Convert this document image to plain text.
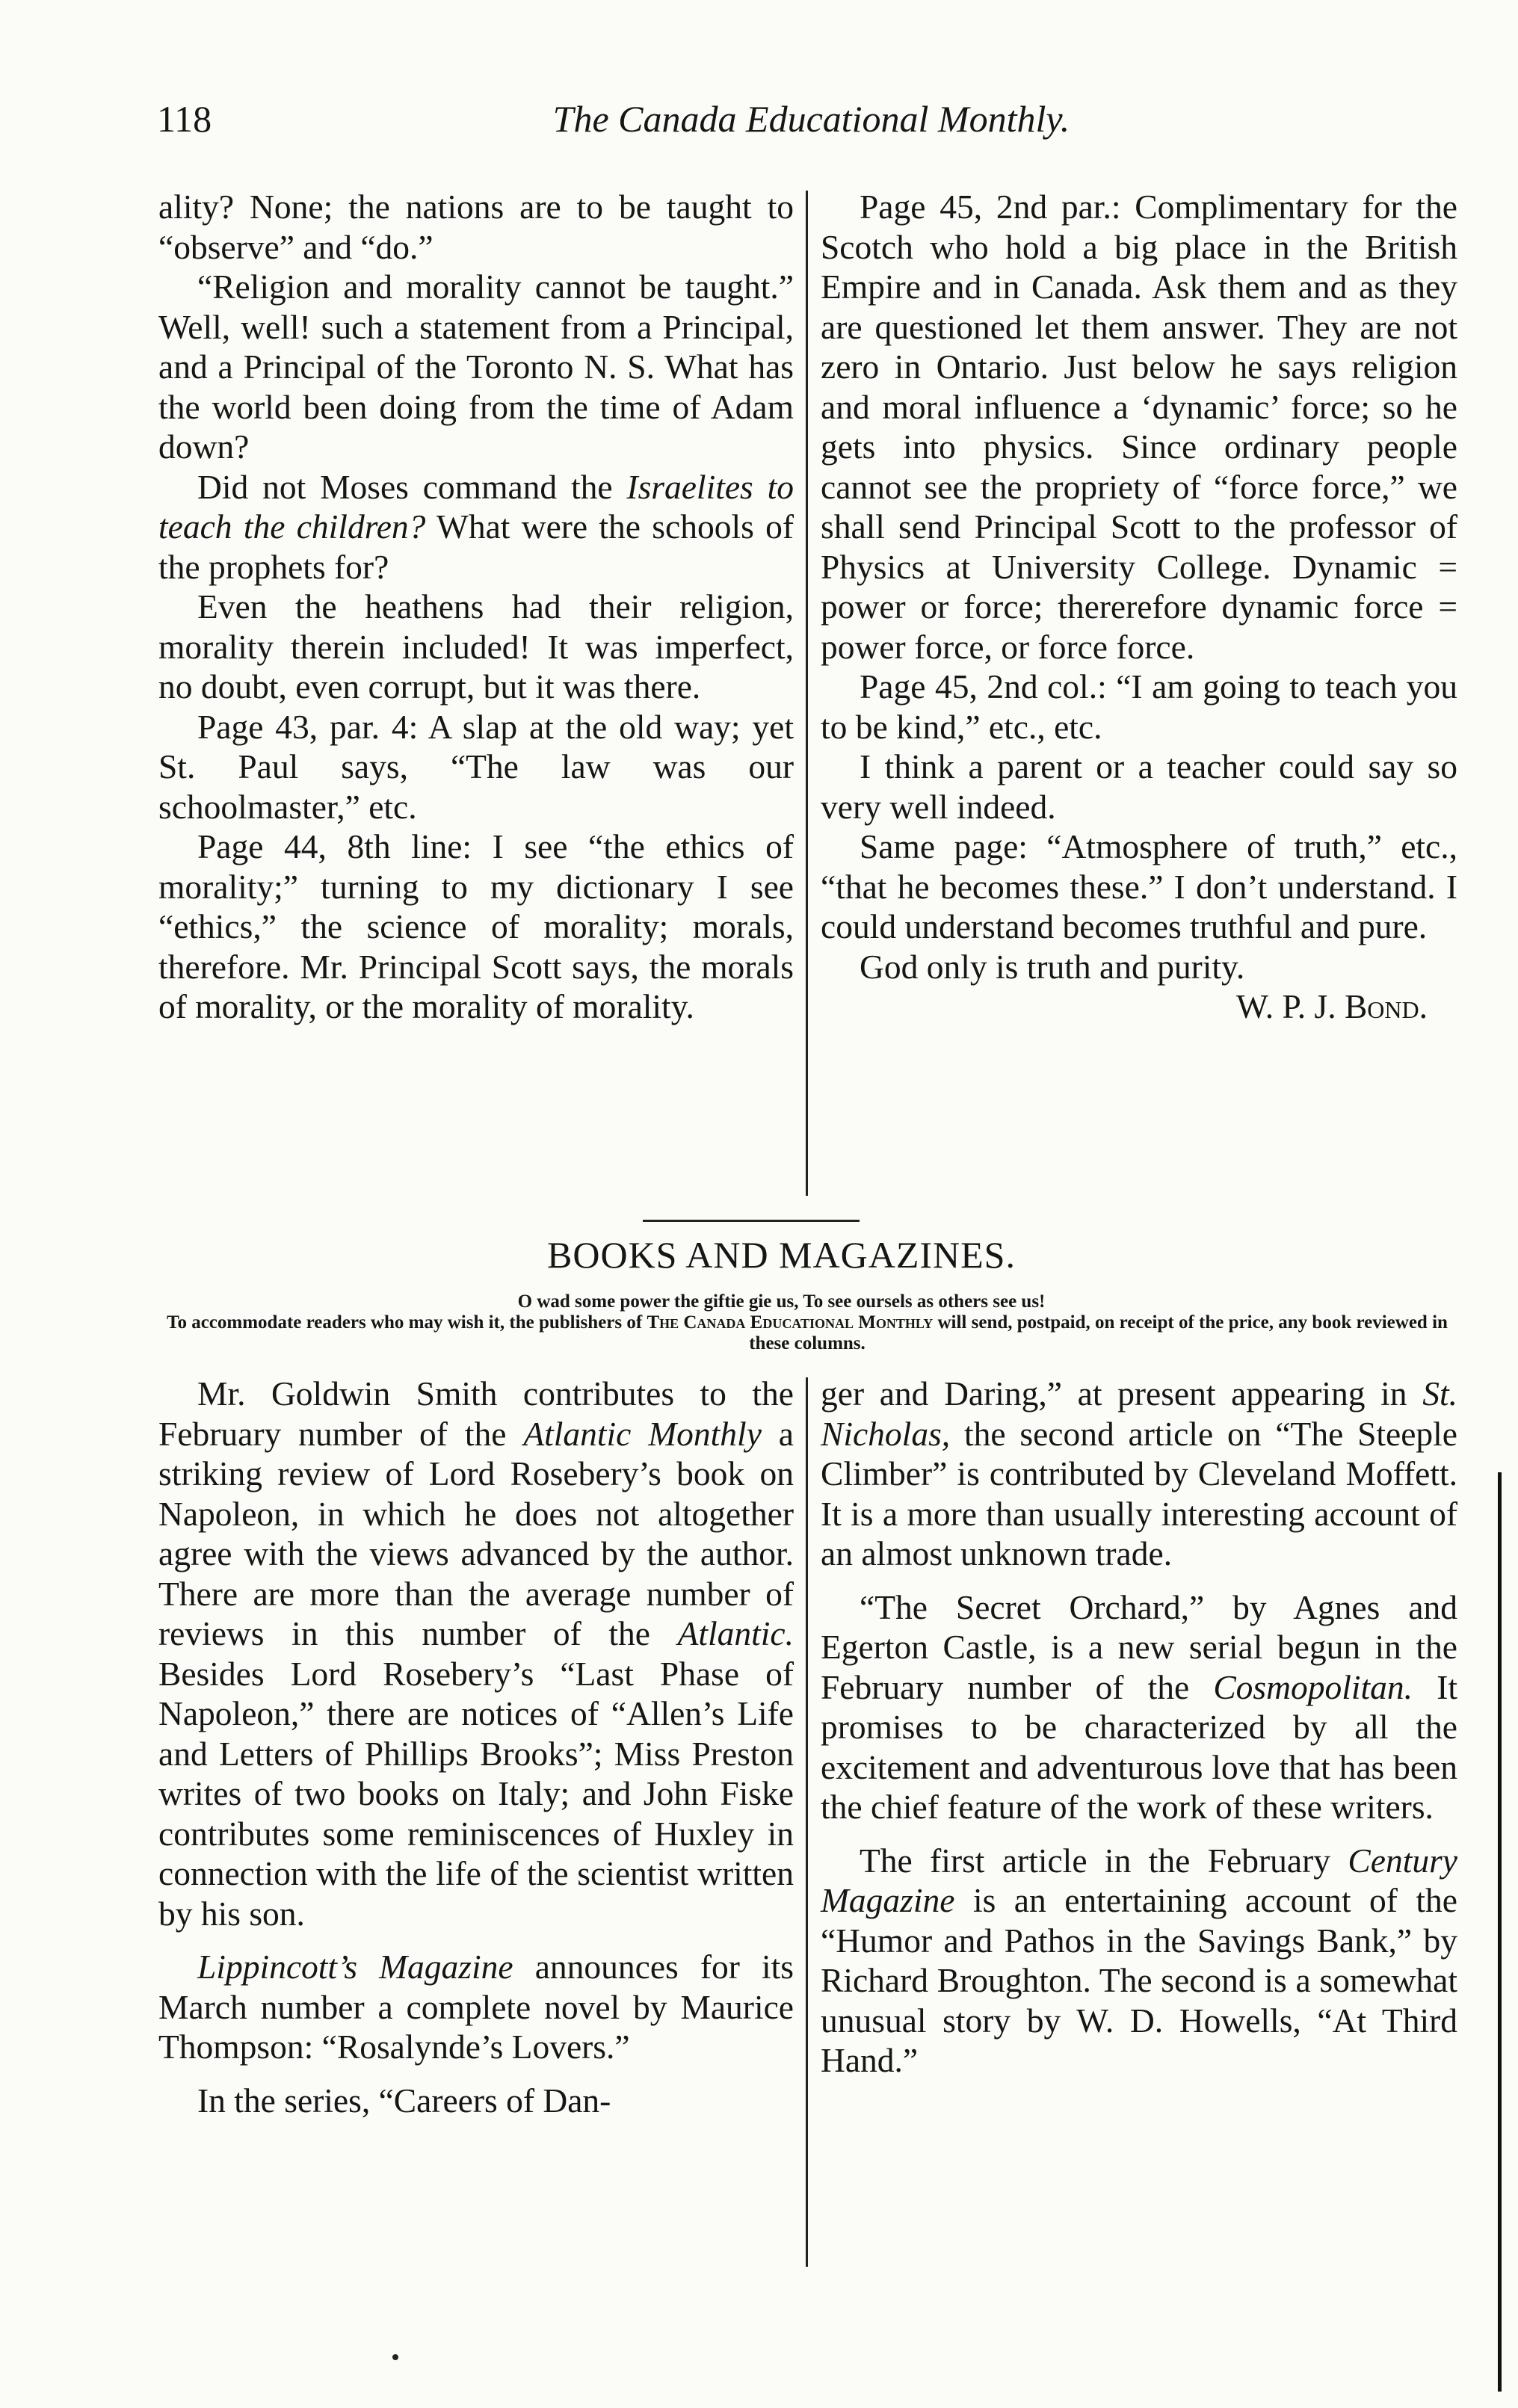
118	The Canada Educational Monthly.

ality? None; the nations are to be taught to “observe” and “do.”

“Religion and morality cannot be taught.” Well, well! such a statement from a Principal, and a Principal of the Toronto N. S. What has the world been doing from the time of Adam down?

Did not Moses command the Israelites to teach the children? What were the schools of the prophets for?

Even the heathens had their religion, morality therein included! It was imperfect, no doubt, even corrupt, but it was there.

Page 43, par. 4: A slap at the old way; yet St. Paul says, “The law was our schoolmaster,” etc.

Page 44, 8th line: I see “the ethics of morality;” turning to my dictionary I see “ethics,” the science of morality; morals, therefore. Mr. Principal Scott says, the morals of morality, or the morality of morality.

Page 45, 2nd par.: Complimentary for the Scotch who hold a big place in the British Empire and in Canada. Ask them and as they are questioned let them answer. They are not zero in Ontario. Just below he says religion and moral influence a ‘dynamic’ force; so he gets into physics. Since ordinary people cannot see the propriety of “force force,” we shall send Principal Scott to the professor of Physics at University College. Dynamic = power or force; thererefore dynamic force = power force, or force force.

Page 45, 2nd col.: “I am going to teach you to be kind,” etc., etc.

I think a parent or a teacher could say so very well indeed.

Same page: “Atmosphere of truth,” etc., “that he becomes these.” I don’t understand. I could understand becomes truthful and pure.

God only is truth and purity.

W. P. J. Bond.

BOOKS AND MAGAZINES.
O wad some power the giftie gie us, To see oursels as others see us!
To accommodate readers who may wish it, the publishers of The Canada Educational Monthly will send, postpaid, on receipt of the price, any book reviewed in these columns.

Mr. Goldwin Smith contributes to the February number of the Atlantic Monthly a striking review of Lord Rosebery’s book on Napoleon, in which he does not altogether agree with the views advanced by the author. There are more than the average number of reviews in this number of the Atlantic. Besides Lord Rosebery’s “Last Phase of Napoleon,” there are notices of “Allen’s Life and Letters of Phillips Brooks”; Miss Preston writes of two books on Italy; and John Fiske contributes some reminiscences of Huxley in connection with the life of the scientist written by his son.

Lippincott’s Magazine announces for its March number a complete novel by Maurice Thompson: “Rosalynde’s Lovers.”

In the series, “Careers of Dan-

ger and Daring,” at present appearing in St. Nicholas, the second article on “The Steeple Climber” is contributed by Cleveland Moffett. It is a more than usually interesting account of an almost unknown trade.

“The Secret Orchard,” by Agnes and Egerton Castle, is a new serial begun in the February number of the Cosmopolitan. It promises to be characterized by all the excitement and adventurous love that has been the chief feature of the work of these writers.

The first article in the February Century Magazine is an entertaining account of the “Humor and Pathos in the Savings Bank,” by Richard Broughton. The second is a somewhat unusual story by W. D. Howells, “At Third Hand.”
